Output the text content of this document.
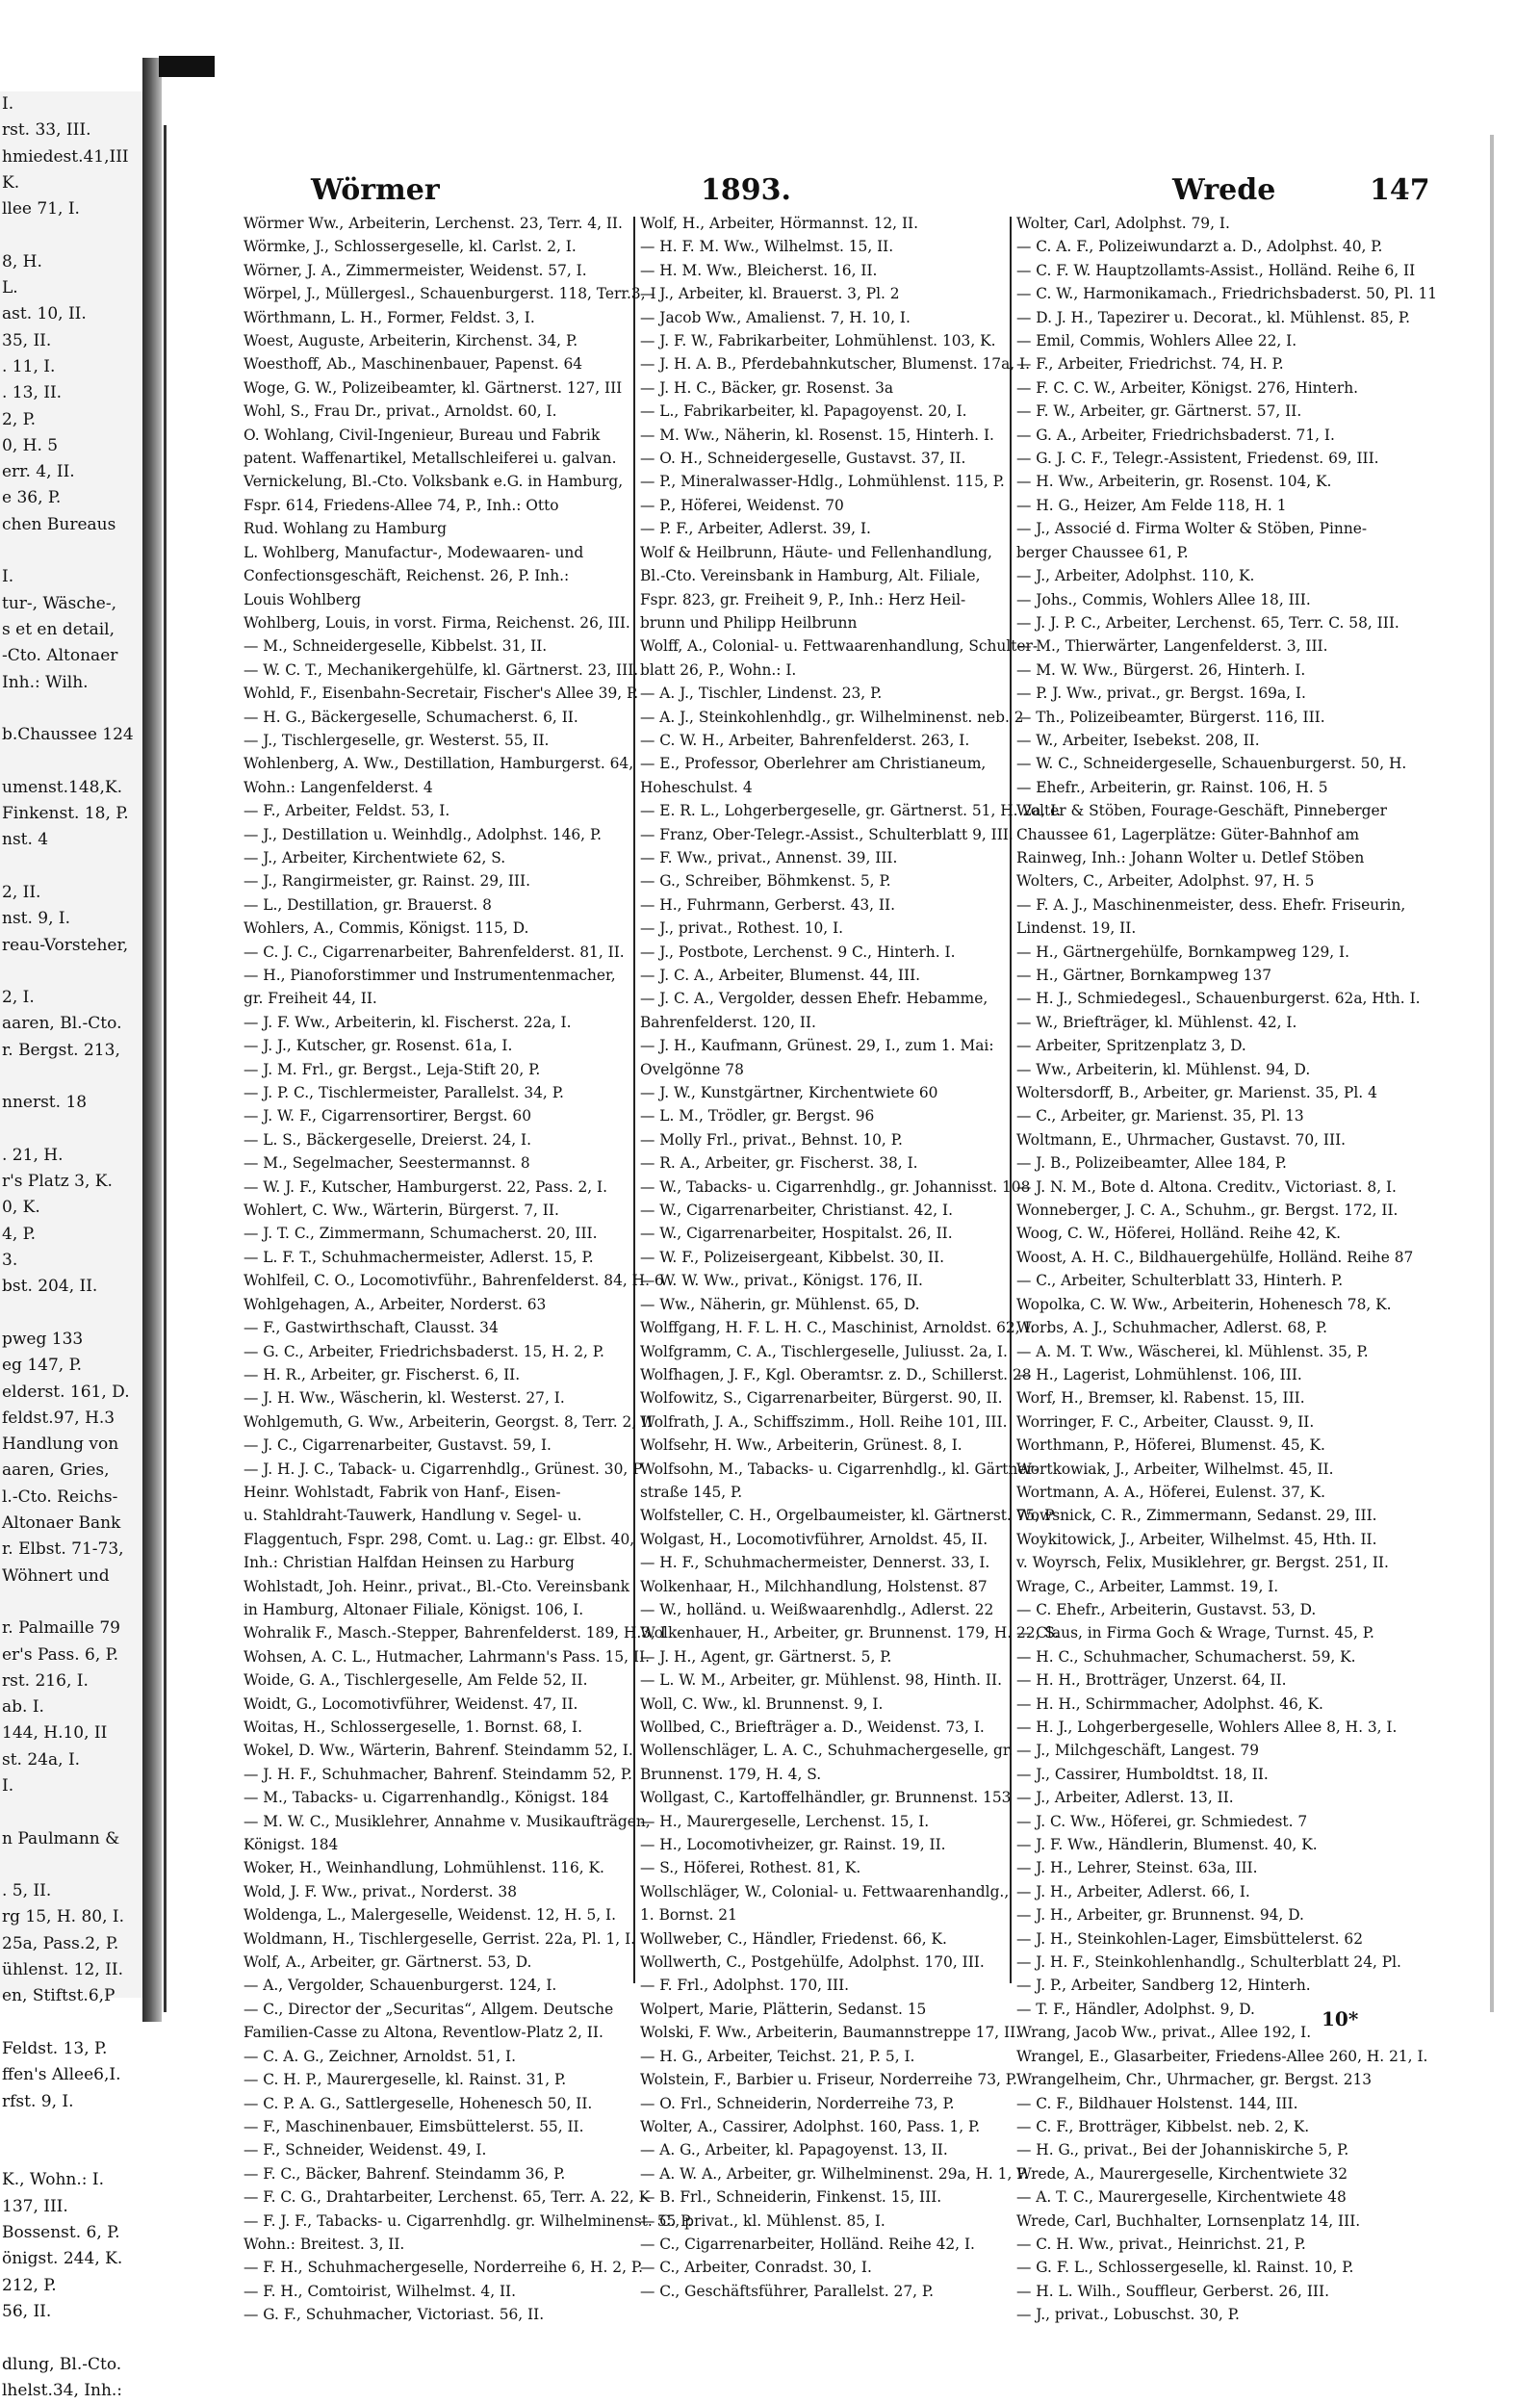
I.
rst. 33, III.
hmiedest.41,III
K.
llee 71, I.

8, H.
L.
ast. 10, II.
35, II.
. 11, I.
. 13, II.
2, P.
0, H. 5
err. 4, II.
e 36, P.
chen Bureaus

I.
tur-, Wäsche-,
s et en detail,
-Cto. Altonaer
Inh.: Wilh.

b.Chaussee 124

umenst.148,K.
Finkenst. 18, P.
nst. 4

2, II.
nst. 9, I.
reau-Vorsteher,

2, I.
aaren, Bl.-Cto.
r. Bergst. 213,

nnerst. 18

. 21, H.
r's Platz 3, K.
0, K.
4, P.
3.
bst. 204, II.

pweg 133
eg 147, P.
elderst. 161, D.
feldst.97, H.3
Handlung von
aaren, Gries,
l.-Cto. Reichs-
Altonaer Bank
r. Elbst. 71-73,
Wöhnert und

r. Palmaille 79
er's Pass. 6, P.
rst. 216, I.
ab. I.
144, H.10, II
st. 24a, I.
I.

n Paulmann &

. 5, II.
rg 15, H. 80, I.
25a, Pass.2, P.
ühlenst. 12, II.
en, Stiftst.6,P

Feldst. 13, P.
ffen's Allee6,I.
rfst. 9, I.

K., Wohn.: I.
137, III.
Bossenst. 6, P.
önigst. 244, K.
212, P.
56, II.

dlung, Bl.-Cto.
lhelst.34, Inh.:
Wörmer	1893.	Wrede	147
Wörmer Ww., Arbeiterin, Lerchenst. 23, Terr. 4, II.
Wörmke, J., Schlossergeselle, kl. Carlst. 2, I.
Wörner, J. A., Zimmermeister, Weidenst. 57, I.
Wörpel, J., Müllergesl., Schauenburgerst. 118, Terr.3, I
Wörthmann, L. H., Former, Feldst. 3, I.
Woest, Auguste, Arbeiterin, Kirchenst. 34, P.
Woesthoff, Ab., Maschinenbauer, Papenst. 64
Woge, G. W., Polizeibeamter, kl. Gärtnerst. 127, III
Wohl, S., Frau Dr., privat., Arnoldst. 60, I.
O. Wohlang, Civil-Ingenieur, Bureau und Fabrik
patent. Waffenartikel, Metallschleiferei u. galvan.
Vernickelung, Bl.-Cto. Volksbank e.G. in Hamburg,
Fspr. 614, Friedens-Allee 74, P., Inh.: Otto
Rud. Wohlang zu Hamburg
L. Wohlberg, Manufactur-, Modewaaren- und
Confectionsgeschäft, Reichenst. 26, P. Inh.:
Louis Wohlberg
Wohlberg, Louis, in vorst. Firma, Reichenst. 26, III.
— M., Schneidergeselle, Kibbelst. 31, II.
— W. C. T., Mechanikergehülfe, kl. Gärtnerst. 23, III.
Wohld, F., Eisenbahn-Secretair, Fischer's Allee 39, P.
— H. G., Bäckergeselle, Schumacherst. 6, II.
— J., Tischlergeselle, gr. Westerst. 55, II.
Wohlenberg, A. Ww., Destillation, Hamburgerst. 64,
Wohn.: Langenfelderst. 4
— F., Arbeiter, Feldst. 53, I.
— J., Destillation u. Weinhdlg., Adolphst. 146, P.
— J., Arbeiter, Kirchentwiete 62, S.
— J., Rangirmeister, gr. Rainst. 29, III.
— L., Destillation, gr. Brauerst. 8
Wohlers, A., Commis, Königst. 115, D.
— C. J. C., Cigarrenarbeiter, Bahrenfelderst. 81, II.
— H., Pianoforstimmer und Instrumentenmacher,
gr. Freiheit 44, II.
— J. F. Ww., Arbeiterin, kl. Fischerst. 22a, I.
— J. J., Kutscher, gr. Rosenst. 61a, I.
— J. M. Frl., gr. Bergst., Leja-Stift 20, P.
— J. P. C., Tischlermeister, Parallelst. 34, P.
— J. W. F., Cigarrensortirer, Bergst. 60
— L. S., Bäckergeselle, Dreierst. 24, I.
— M., Segelmacher, Seestermannst. 8
— W. J. F., Kutscher, Hamburgerst. 22, Pass. 2, I.
Wohlert, C. Ww., Wärterin, Bürgerst. 7, II.
— J. T. C., Zimmermann, Schumacherst. 20, III.
— L. F. T., Schuhmachermeister, Adlerst. 15, P.
Wohlfeil, C. O., Locomotivführ., Bahrenfelderst. 84, H. 6
Wohlgehagen, A., Arbeiter, Norderst. 63
— F., Gastwirthschaft, Clausst. 34
— G. C., Arbeiter, Friedrichsbaderst. 15, H. 2, P.
— H. R., Arbeiter, gr. Fischerst. 6, II.
— J. H. Ww., Wäscherin, kl. Westerst. 27, I.
Wohlgemuth, G. Ww., Arbeiterin, Georgst. 8, Terr. 2, II
— J. C., Cigarrenarbeiter, Gustavst. 59, I.
— J. H. J. C., Taback- u. Cigarrenhdlg., Grünest. 30, P
Heinr. Wohlstadt, Fabrik von Hanf-, Eisen-
u. Stahldraht-Tauwerk, Handlung v. Segel- u.
Flaggentuch, Fspr. 298, Comt. u. Lag.: gr. Elbst. 40,
Inh.: Christian Halfdan Heinsen zu Harburg
Wohlstadt, Joh. Heinr., privat., Bl.-Cto. Vereinsbank
in Hamburg, Altonaer Filiale, Königst. 106, I.
Wohralik F., Masch.-Stepper, Bahrenfelderst. 189, H.3, I
Wohsen, A. C. L., Hutmacher, Lahrmann's Pass. 15, II.
Woide, G. A., Tischlergeselle, Am Felde 52, II.
Woidt, G., Locomotivführer, Weidenst. 47, II.
Woitas, H., Schlossergeselle, 1. Bornst. 68, I.
Wokel, D. Ww., Wärterin, Bahrenf. Steindamm 52, I.
— J. H. F., Schuhmacher, Bahrenf. Steindamm 52, P.
— M., Tabacks- u. Cigarrenhandlg., Königst. 184
— M. W. C., Musiklehrer, Annahme v. Musikaufträgen,
Königst. 184
Woker, H., Weinhandlung, Lohmühlenst. 116, K.
Wold, J. F. Ww., privat., Norderst. 38
Woldenga, L., Malergeselle, Weidenst. 12, H. 5, I.
Woldmann, H., Tischlergeselle, Gerrist. 22a, Pl. 1, I.
Wolf, A., Arbeiter, gr. Gärtnerst. 53, D.
— A., Vergolder, Schauenburgerst. 124, I.
— C., Director der „Securitas“, Allgem. Deutsche
Familien-Casse zu Altona, Reventlow-Platz 2, II.
— C. A. G., Zeichner, Arnoldst. 51, I.
— C. H. P., Maurergeselle, kl. Rainst. 31, P.
— C. P. A. G., Sattlergeselle, Hohenesch 50, II.
— F., Maschinenbauer, Eimsbüttelerst. 55, II.
— F., Schneider, Weidenst. 49, I.
— F. C., Bäcker, Bahrenf. Steindamm 36, P.
— F. C. G., Drahtarbeiter, Lerchenst. 65, Terr. A. 22, K
— F. J. F., Tabacks- u. Cigarrenhdlg. gr. Wilhelminenst. 55 P.
Wohn.: Breitest. 3, II.
— F. H., Schuhmachergeselle, Norderreihe 6, H. 2, P.
— F. H., Comtoirist, Wilhelmst. 4, II.
— G. F., Schuhmacher, Victoriast. 56, II.
Wolf, H., Arbeiter, Hörmannst. 12, II.
— H. F. M. Ww., Wilhelmst. 15, II.
— H. M. Ww., Bleicherst. 16, II.
— J., Arbeiter, kl. Brauerst. 3, Pl. 2
— Jacob Ww., Amalienst. 7, H. 10, I.
— J. F. W., Fabrikarbeiter, Lohmühlenst. 103, K.
— J. H. A. B., Pferdebahnkutscher, Blumenst. 17a, I.
— J. H. C., Bäcker, gr. Rosenst. 3a
— L., Fabrikarbeiter, kl. Papagoyenst. 20, I.
— M. Ww., Näherin, kl. Rosenst. 15, Hinterh. I.
— O. H., Schneidergeselle, Gustavst. 37, II.
— P., Mineralwasser-Hdlg., Lohmühlenst. 115, P.
— P., Höferei, Weidenst. 70
— P. F., Arbeiter, Adlerst. 39, I.
Wolf & Heilbrunn, Häute- und Fellenhandlung,
Bl.-Cto. Vereinsbank in Hamburg, Alt. Filiale,
Fspr. 823, gr. Freiheit 9, P., Inh.: Herz Heil-
brunn und Philipp Heilbrunn
Wolff, A., Colonial- u. Fettwaarenhandlung, Schulter-
blatt 26, P., Wohn.: I.
— A. J., Tischler, Lindenst. 23, P.
— A. J., Steinkohlenhdlg., gr. Wilhelminenst. neb. 2
— C. W. H., Arbeiter, Bahrenfelderst. 263, I.
— E., Professor, Oberlehrer am Christianeum,
Hoheschulst. 4
— E. R. L., Lohgerbergeselle, gr. Gärtnerst. 51, H. 2a, I.
— Franz, Ober-Telegr.-Assist., Schulterblatt 9, III.
— F. Ww., privat., Annenst. 39, III.
— G., Schreiber, Böhmkenst. 5, P.
— H., Fuhrmann, Gerberst. 43, II.
— J., privat., Rothest. 10, I.
— J., Postbote, Lerchenst. 9 C., Hinterh. I.
— J. C. A., Arbeiter, Blumenst. 44, III.
— J. C. A., Vergolder, dessen Ehefr. Hebamme,
Bahrenfelderst. 120, II.
— J. H., Kaufmann, Grünest. 29, I., zum 1. Mai:
Ovelgönne 78
— J. W., Kunstgärtner, Kirchentwiete 60
— L. M., Trödler, gr. Bergst. 96
— Molly Frl., privat., Behnst. 10, P.
— R. A., Arbeiter, gr. Fischerst. 38, I.
— W., Tabacks- u. Cigarrenhdlg., gr. Johannisst. 108
— W., Cigarrenarbeiter, Christianst. 42, I.
— W., Cigarrenarbeiter, Hospitalst. 26, II.
— W. F., Polizeisergeant, Kibbelst. 30, II.
— W. W. Ww., privat., Königst. 176, II.
— Ww., Näherin, gr. Mühlenst. 65, D.
Wolffgang, H. F. L. H. C., Maschinist, Arnoldst. 62, I.
Wolfgramm, C. A., Tischlergeselle, Juliusst. 2a, I.
Wolfhagen, J. F., Kgl. Oberamtsr. z. D., Schillerst. 28
Wolfowitz, S., Cigarrenarbeiter, Bürgerst. 90, II.
Wolfrath, J. A., Schiffszimm., Holl. Reihe 101, III.
Wolfsehr, H. Ww., Arbeiterin, Grünest. 8, I.
Wolfsohn, M., Tabacks- u. Cigarrenhdlg., kl. Gärtner-
straße 145, P.
Wolfsteller, C. H., Orgelbaumeister, kl. Gärtnerst. 75, P
Wolgast, H., Locomotivführer, Arnoldst. 45, II.
— H. F., Schuhmachermeister, Dennerst. 33, I.
Wolkenhaar, H., Milchhandlung, Holstenst. 87
— W., holländ. u. Weißwaarenhdlg., Adlerst. 22
Wolkenhauer, H., Arbeiter, gr. Brunnenst. 179, H. 22, S.
— J. H., Agent, gr. Gärtnerst. 5, P.
— L. W. M., Arbeiter, gr. Mühlenst. 98, Hinth. II.
Woll, C. Ww., kl. Brunnenst. 9, I.
Wollbed, C., Briefträger a. D., Weidenst. 73, I.
Wollenschläger, L. A. C., Schuhmachergeselle, gr.
Brunnenst. 179, H. 4, S.
Wollgast, C., Kartoffelhändler, gr. Brunnenst. 153
— H., Maurergeselle, Lerchenst. 15, I.
— H., Locomotivheizer, gr. Rainst. 19, II.
— S., Höferei, Rothest. 81, K.
Wollschläger, W., Colonial- u. Fettwaarenhandlg.,
1. Bornst. 21
Wollweber, C., Händler, Friedenst. 66, K.
Wollwerth, C., Postgehülfe, Adolphst. 170, III.
— F. Frl., Adolphst. 170, III.
Wolpert, Marie, Plätterin, Sedanst. 15
Wolski, F. Ww., Arbeiterin, Baumannstreppe 17, II.
— H. G., Arbeiter, Teichst. 21, P. 5, I.
Wolstein, F., Barbier u. Friseur, Norderreihe 73, P.
— O. Frl., Schneiderin, Norderreihe 73, P.
Wolter, A., Cassirer, Adolphst. 160, Pass. 1, P.
— A. G., Arbeiter, kl. Papagoyenst. 13, II.
— A. W. A., Arbeiter, gr. Wilhelminenst. 29a, H. 1, P.
— B. Frl., Schneiderin, Finkenst. 15, III.
— C., privat., kl. Mühlenst. 85, I.
— C., Cigarrenarbeiter, Holländ. Reihe 42, I.
— C., Arbeiter, Conradst. 30, I.
— C., Geschäftsführer, Parallelst. 27, P.
Wolter, Carl, Adolphst. 79, I.
— C. A. F., Polizeiwundarzt a. D., Adolphst. 40, P.
— C. F. W. Hauptzollamts-Assist., Holländ. Reihe 6, II
— C. W., Harmonikamach., Friedrichsbaderst. 50, Pl. 11
— D. J. H., Tapezirer u. Decorat., kl. Mühlenst. 85, P.
— Emil, Commis, Wohlers Allee 22, I.
— F., Arbeiter, Friedrichst. 74, H. P.
— F. C. C. W., Arbeiter, Königst. 276, Hinterh.
— F. W., Arbeiter, gr. Gärtnerst. 57, II.
— G. A., Arbeiter, Friedrichsbaderst. 71, I.
— G. J. C. F., Telegr.-Assistent, Friedenst. 69, III.
— H. Ww., Arbeiterin, gr. Rosenst. 104, K.
— H. G., Heizer, Am Felde 118, H. 1
— J., Associé d. Firma Wolter & Stöben, Pinne-
berger Chaussee 61, P.
— J., Arbeiter, Adolphst. 110, K.
— Johs., Commis, Wohlers Allee 18, III.
— J. J. P. C., Arbeiter, Lerchenst. 65, Terr. C. 58, III.
— M., Thierwärter, Langenfelderst. 3, III.
— M. W. Ww., Bürgerst. 26, Hinterh. I.
— P. J. Ww., privat., gr. Bergst. 169a, I.
— Th., Polizeibeamter, Bürgerst. 116, III.
— W., Arbeiter, Isebekst. 208, II.
— W. C., Schneidergeselle, Schauenburgerst. 50, H.
— Ehefr., Arbeiterin, gr. Rainst. 106, H. 5
Wolter & Stöben, Fourage-Geschäft, Pinneberger
Chaussee 61, Lagerplätze: Güter-Bahnhof am
Rainweg, Inh.: Johann Wolter u. Detlef Stöben
Wolters, C., Arbeiter, Adolphst. 97, H. 5
— F. A. J., Maschinenmeister, dess. Ehefr. Friseurin,
Lindenst. 19, II.
— H., Gärtnergehülfe, Bornkampweg 129, I.
— H., Gärtner, Bornkampweg 137
— H. J., Schmiedegesl., Schauenburgerst. 62a, Hth. I.
— W., Briefträger, kl. Mühlenst. 42, I.
— Arbeiter, Spritzenplatz 3, D.
— Ww., Arbeiterin, kl. Mühlenst. 94, D.
Woltersdorff, B., Arbeiter, gr. Marienst. 35, Pl. 4
— C., Arbeiter, gr. Marienst. 35, Pl. 13
Woltmann, E., Uhrmacher, Gustavst. 70, III.
— J. B., Polizeibeamter, Allee 184, P.
— J. N. M., Bote d. Altona. Creditv., Victoriast. 8, I.
Wonneberger, J. C. A., Schuhm., gr. Bergst. 172, II.
Woog, C. W., Höferei, Holländ. Reihe 42, K.
Woost, A. H. C., Bildhauergehülfe, Holländ. Reihe 87
— C., Arbeiter, Schulterblatt 33, Hinterh. P.
Wopolka, C. W. Ww., Arbeiterin, Hohenesch 78, K.
Worbs, A. J., Schuhmacher, Adlerst. 68, P.
— A. M. T. Ww., Wäscherei, kl. Mühlenst. 35, P.
— H., Lagerist, Lohmühlenst. 106, III.
Worf, H., Bremser, kl. Rabenst. 15, III.
Worringer, F. C., Arbeiter, Clausst. 9, II.
Worthmann, P., Höferei, Blumenst. 45, K.
Wortkowiak, J., Arbeiter, Wilhelmst. 45, II.
Wortmann, A. A., Höferei, Eulenst. 37, K.
Wowsnick, C. R., Zimmermann, Sedanst. 29, III.
Woykitowick, J., Arbeiter, Wilhelmst. 45, Hth. II.
v. Woyrsch, Felix, Musiklehrer, gr. Bergst. 251, II.
Wrage, C., Arbeiter, Lammst. 19, I.
— C. Ehefr., Arbeiterin, Gustavst. 53, D.
— Claus, in Firma Goch & Wrage, Turnst. 45, P.
— H. C., Schuhmacher, Schumacherst. 59, K.
— H. H., Brotträger, Unzerst. 64, II.
— H. H., Schirmmacher, Adolphst. 46, K.
— H. J., Lohgerbergeselle, Wohlers Allee 8, H. 3, I.
— J., Milchgeschäft, Langest. 79
— J., Cassirer, Humboldtst. 18, II.
— J., Arbeiter, Adlerst. 13, II.
— J. C. Ww., Höferei, gr. Schmiedest. 7
— J. F. Ww., Händlerin, Blumenst. 40, K.
— J. H., Lehrer, Steinst. 63a, III.
— J. H., Arbeiter, Adlerst. 66, I.
— J. H., Arbeiter, gr. Brunnenst. 94, D.
— J. H., Steinkohlen-Lager, Eimsbüttelerst. 62
— J. H. F., Steinkohlenhandlg., Schulterblatt 24, Pl.
— J. P., Arbeiter, Sandberg 12, Hinterh.
— T. F., Händler, Adolphst. 9, D.
Wrang, Jacob Ww., privat., Allee 192, I.
Wrangel, E., Glasarbeiter, Friedens-Allee 260, H. 21, I.
Wrangelheim, Chr., Uhrmacher, gr. Bergst. 213
— C. F., Bildhauer Holstenst. 144, III.
— C. F., Brotträger, Kibbelst. neb. 2, K.
— H. G., privat., Bei der Johanniskirche 5, P.
Wrede, A., Maurergeselle, Kirchentwiete 32
— A. T. C., Maurergeselle, Kirchentwiete 48
Wrede, Carl, Buchhalter, Lornsenplatz 14, III.
— C. H. Ww., privat., Heinrichst. 21, P.
— G. F. L., Schlossergeselle, kl. Rainst. 10, P.
— H. L. Wilh., Souffleur, Gerberst. 26, III.
— J., privat., Lobuschst. 30, P.
10*
